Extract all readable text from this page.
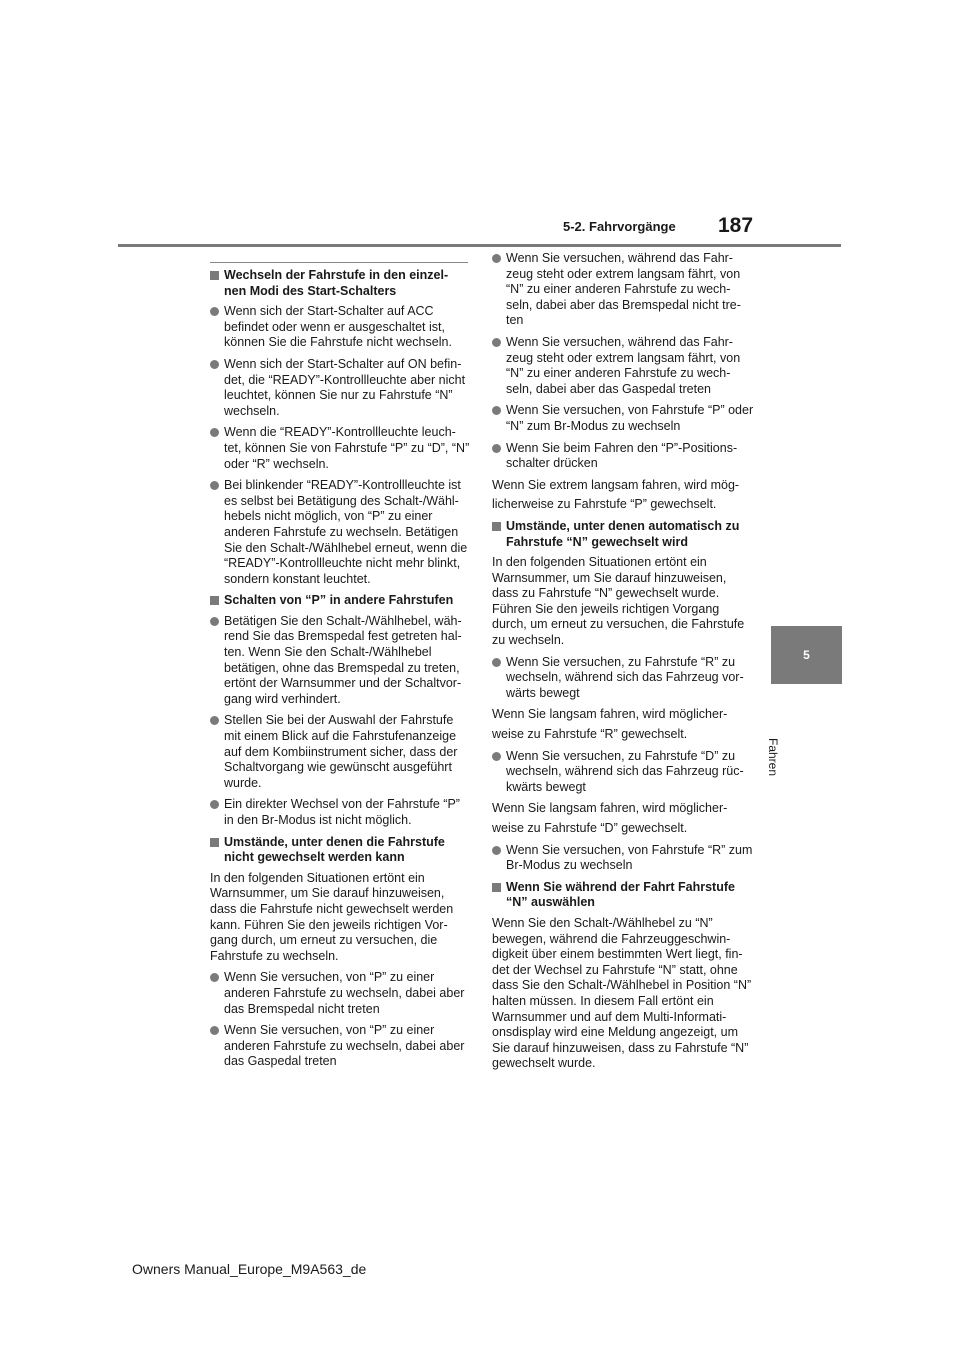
187
5-2. Fahrvorgänge
5
Fahren
Wechseln der Fahrstufe in den einzel- nen Modi des Start-Schalters
Wenn sich der Start-Schalter auf ACC befindet oder wenn er ausgeschaltet ist, können Sie die Fahrstufe nicht wechseln.
Wenn sich der Start-Schalter auf ON befin- det, die “READY”-Kontrollleuchte aber nicht leuchtet, können Sie nur zu Fahrstufe “N” wechseln.
Wenn die “READY”-Kontrollleuchte leuch- tet, können Sie von Fahrstufe “P” zu “D”, “N” oder “R” wechseln.
Bei blinkender “READY”-Kontrollleuchte ist es selbst bei Betätigung des Schalt-/Wähl- hebels nicht möglich, von “P” zu einer anderen Fahrstufe zu wechseln. Betätigen Sie den Schalt-/Wählhebel erneut, wenn die “READY”-Kontrollleuchte nicht mehr blinkt, sondern konstant leuchtet.
Schalten von “P” in andere Fahrstufen
Betätigen Sie den Schalt-/Wählhebel, wäh- rend Sie das Bremspedal fest getreten hal- ten. Wenn Sie den Schalt-/Wählhebel betätigen, ohne das Bremspedal zu treten, ertönt der Warnsummer und der Schaltvor- gang wird verhindert.
Stellen Sie bei der Auswahl der Fahrstufe mit einem Blick auf die Fahrstufenanzeige auf dem Kombiinstrument sicher, dass der Schaltvorgang wie gewünscht ausgeführt wurde.
Ein direkter Wechsel von der Fahrstufe “P” in den Br-Modus ist nicht möglich.
Umstände, unter denen die Fahrstufe nicht gewechselt werden kann
In den folgenden Situationen ertönt ein Warnsummer, um Sie darauf hinzuweisen, dass die Fahrstufe nicht gewechselt werden kann. Führen Sie den jeweils richtigen Vor- gang durch, um erneut zu versuchen, die Fahrstufe zu wechseln.
Wenn Sie versuchen, von “P” zu einer anderen Fahrstufe zu wechseln, dabei aber das Bremspedal nicht treten
Wenn Sie versuchen, von “P” zu einer anderen Fahrstufe zu wechseln, dabei aber das Gaspedal treten
Wenn Sie versuchen, während das Fahr- zeug steht oder extrem langsam fährt, von “N” zu einer anderen Fahrstufe zu wech- seln, dabei aber das Bremspedal nicht tre- ten
Wenn Sie versuchen, während das Fahr- zeug steht oder extrem langsam fährt, von “N” zu einer anderen Fahrstufe zu wech- seln, dabei aber das Gaspedal treten
Wenn Sie versuchen, von Fahrstufe “P” oder “N” zum Br-Modus zu wechseln
Wenn Sie beim Fahren den “P”-Positions- schalter drücken
Wenn Sie extrem langsam fahren, wird mög-
licherweise zu Fahrstufe “P” gewechselt.
Umstände, unter denen automatisch zu Fahrstufe “N” gewechselt wird
In den folgenden Situationen ertönt ein Warnsummer, um Sie darauf hinzuweisen, dass zu Fahrstufe “N” gewechselt wurde. Führen Sie den jeweils richtigen Vorgang durch, um erneut zu versuchen, die Fahrstufe zu wechseln.
Wenn Sie versuchen, zu Fahrstufe “R” zu wechseln, während sich das Fahrzeug vor- wärts bewegt
Wenn Sie langsam fahren, wird möglicher-
weise zu Fahrstufe “R” gewechselt.
Wenn Sie versuchen, zu Fahrstufe “D” zu wechseln, während sich das Fahrzeug rüc- kwärts bewegt
Wenn Sie langsam fahren, wird möglicher-
weise zu Fahrstufe “D” gewechselt.
Wenn Sie versuchen, von Fahrstufe “R” zum Br-Modus zu wechseln
Wenn Sie während der Fahrt Fahrstufe “N” auswählen
Wenn Sie den Schalt-/Wählhebel zu “N” bewegen, während die Fahrzeuggeschwin- digkeit über einem bestimmten Wert liegt, fin- det der Wechsel zu Fahrstufe “N” statt, ohne dass Sie den Schalt-/Wählhebel in Position “N” halten müssen. In diesem Fall ertönt ein Warnsummer und auf dem Multi-Informati- onsdisplay wird eine Meldung angezeigt, um Sie darauf hinzuweisen, dass zu Fahrstufe “N” gewechselt wurde.
Owners Manual_Europe_M9A563_de
